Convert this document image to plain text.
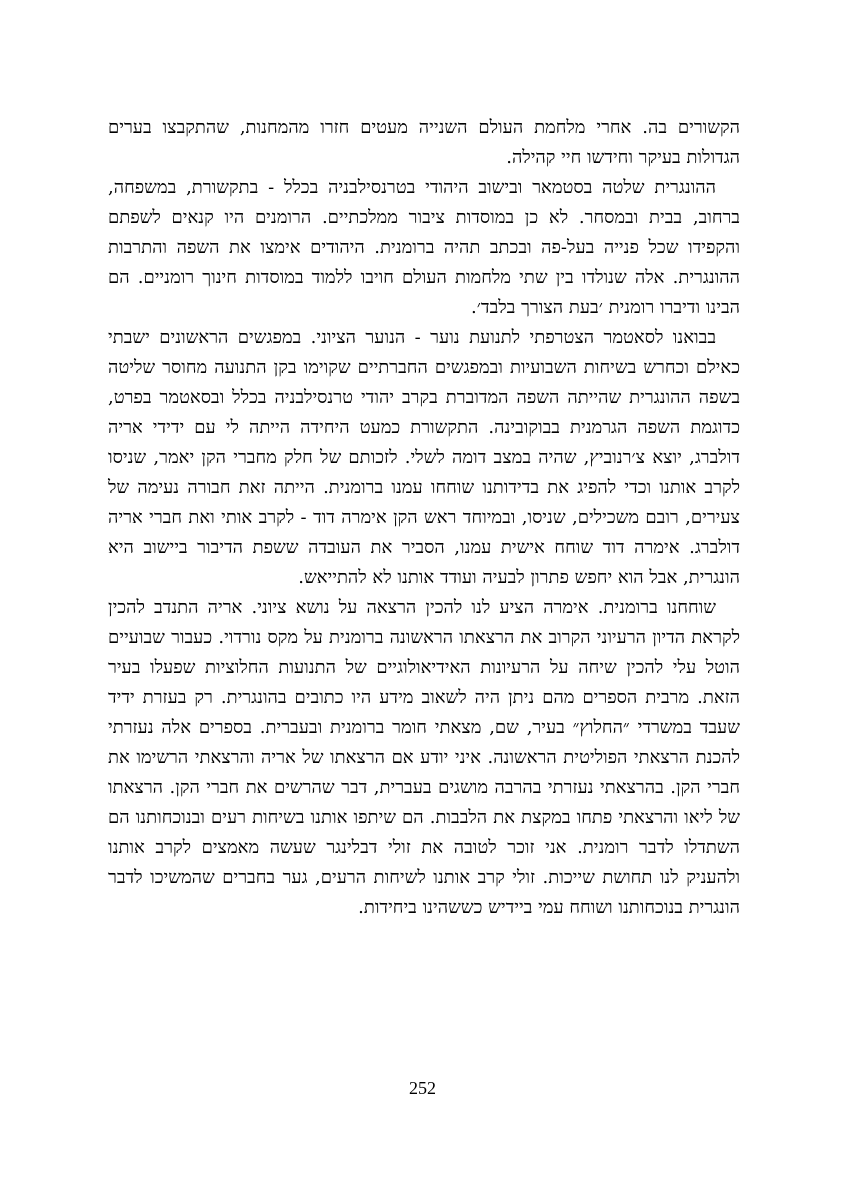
הקשורים בה. אחרי מלחמת העולם השנייה מעטים חזרו מהמחנות, שהתקבצו בערים הגדולות בעיקר וחידשו חיי קהילה.

ההונגרית שלטה בסטמאר ובישוב היהודי בטרנסילבניה בכלל - בתקשורת, במשפחה, ברחוב, בבית ובמסחר. לא כן במוסדות ציבור ממלכתיים. הרומנים היו קנאים לשפתם והקפידו שכל פנייה בעל-פה ובכתב תהיה ברומנית. היהודים אימצו את השפה והתרבות ההונגרית. אלה שנולדו בין שתי מלחמות העולם חויבו ללמוד במוסדות חינוך רומניים. הם הבינו ודיברו רומנית ׳בעת הצורך בלבד׳.

בבואנו לסאטמר הצטרפתי לתנועת נוער - הנוער הציוני. במפגשים הראשונים ישבתי כאילם וכחרש בשיחות השבועיות ובמפגשים החברתיים שקוימו בקן התנועה מחוסר שליטה בשפה ההונגרית שהייתה השפה המדוברת בקרב יהודי טרנסילבניה בכלל ובסאטמר בפרט, כדוגמת השפה הגרמנית בבוקובינה. התקשורת כמעט היחידה הייתה לי עם ידידי אריה דולברג, יוצא צ׳רנוביץ, שהיה במצב דומה לשלי. לזכותם של חלק מחברי הקן יאמר, שניסו לקרב אותנו וכדי להפיג את בדידותנו שוחחו עמנו ברומנית. הייתה זאת חבורה נעימה של צעירים, רובם משכילים, שניסו, ובמיוחד ראש הקן אימרה דוד - לקרב אותי ואת חברי אריה דולברג. אימרה דוד שוחח אישית עמנו, הסביר את העובדה ששפת הדיבור ביישוב היא הונגרית, אבל הוא יחפש פתרון לבעיה ועודד אותנו לא להתייאש.

שוחחנו ברומנית. אימרה הציע לנו להכין הרצאה על נושא ציוני. אריה התנדב להכין לקראת הדיון הרעיוני הקרוב את הרצאתו הראשונה ברומנית על מקס נורדוי. כעבור שבועיים הוטל עלי להכין שיחה על הרעיונות האידיאולוגיים של התנועות החלוציות שפעלו בעיר הזאת. מרבית הספרים מהם ניתן היה לשאוב מידע היו כתובים בהונגרית. רק בעזרת ידיד שעבד במשרדי ״החלוץ״ בעיר, שם, מצאתי חומר ברומנית ובעברית. בספרים אלה נעזרתי להכנת הרצאתי הפוליטית הראשונה. איני יודע אם הרצאתו של אריה והרצאתי הרשימו את חברי הקן. בהרצאתי נעזרתי בהרבה מושגים בעברית, דבר שהרשים את חברי הקן. הרצאתו של ליאו והרצאתי פתחו במקצת את הלבבות. הם שיתפו אותנו בשיחות רעים ובנוכחותנו הם השתדלו לדבר רומנית. אני זוכר לטובה את זולי דבלינגר שעשה מאמצים לקרב אותנו ולהעניק לנו תחושת שייכות. זולי קרב אותנו לשיחות הרעים, גער בחברים שהמשיכו לדבר הונגרית בנוכחותנו ושוחח עמי ביידיש כששהינו ביחידות.

252
